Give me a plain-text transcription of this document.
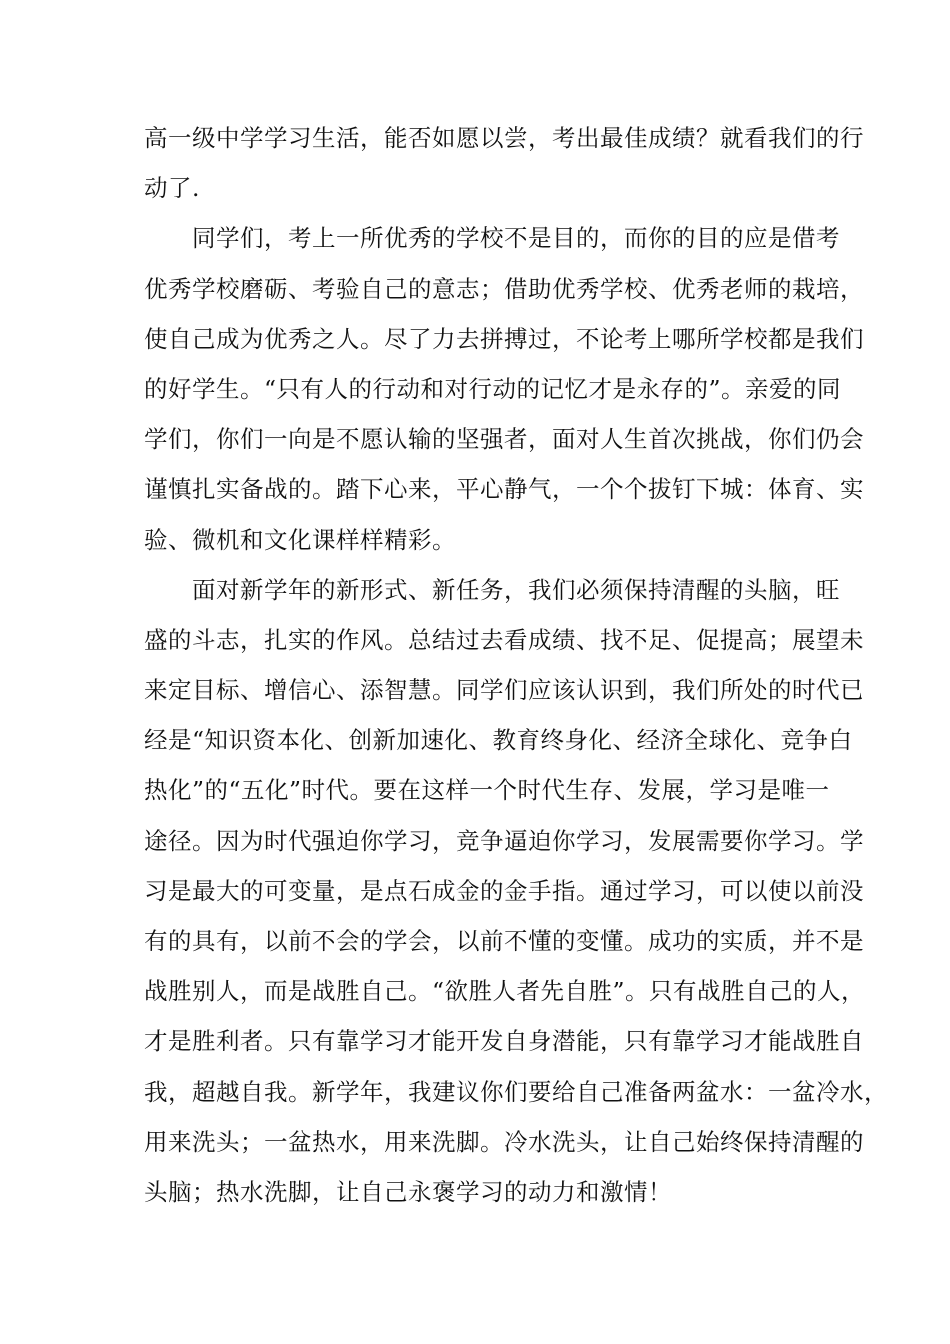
高一级中学学习生活，能否如愿以尝，考出最佳成绩？就看我们的行
动了.
同学们，考上一所优秀的学校不是目的，而你的目的应是借考
优秀学校磨砺、考验自己的意志；借助优秀学校、优秀老师的栽培，
使自己成为优秀之人。尽了力去拼搏过，不论考上哪所学校都是我们
的好学生。“只有人的行动和对行动的记忆才是永存的”。亲爱的同
学们，你们一向是不愿认输的坚强者，面对人生首次挑战，你们仍会
谨慎扎实备战的。踏下心来，平心静气，一个个拔钉下城：体育、实
验、微机和文化课样样精彩。
面对新学年的新形式、新任务，我们必须保持清醒的头脑，旺
盛的斗志，扎实的作风。总结过去看成绩、找不足、促提高；展望未
来定目标、增信心、添智慧。同学们应该认识到，我们所处的时代已
经是“知识资本化、创新加速化、教育终身化、经济全球化、竞争白
热化”的“五化”时代。要在这样一个时代生存、发展，学习是唯一
途径。因为时代强迫你学习，竞争逼迫你学习，发展需要你学习。学
习是最大的可变量，是点石成金的金手指。通过学习，可以使以前没
有的具有，以前不会的学会，以前不懂的变懂。成功的实质，并不是
战胜别人，而是战胜自己。“欲胜人者先自胜”。只有战胜自己的人，
才是胜利者。只有靠学习才能开发自身潜能，只有靠学习才能战胜自
我，超越自我。新学年，我建议你们要给自己准备两盆水：一盆冷水，
用来洗头；一盆热水，用来洗脚。冷水洗头，让自己始终保持清醒的
头脑；热水洗脚，让自己永褒学习的动力和激情！
